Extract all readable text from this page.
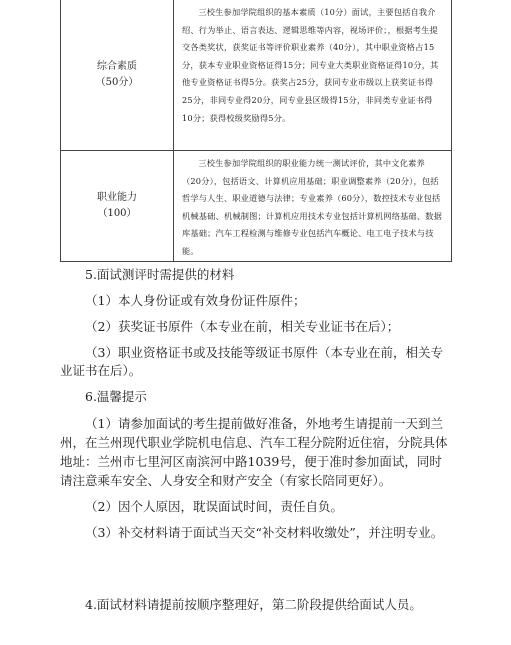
综合素质
（50分）
三校生参加学院组织的基本素质（10分）面试，主要包括自我介绍、行为举止、语言表达、逻辑思维等内容，视场评价；，根据考生提交各类奖状，获奖证书等评价职业素养（40分），其中职业资格占15分，获本专业职业资格证得15分；同专业大类职业资格证得10分，其他专业资格证书得5分。获奖占25分，获同专业市级以上获奖证书得25分，非同专业得20分，同专业县区级得15分，非同类专业证书得10分；获得校级奖励得5分。
职业能力
（100）
三校生参加学院组织的职业能力统一测试评价，其中文化素养（20分），包括语文、计算机应用基础；职业调整素养（20分），包括哲学与人生、职业道德与法律；专业素养（60分），数控技术专业包括机械基础、机械制图；计算机应用技术专业包括计算机网络基础、数据库基础；汽车工程检测与维修专业包括汽车概论、电工电子技术与技能。

5.面试测评时需提供的材料

（1）本人身份证或有效身份证件原件；

（2）获奖证书原件（本专业在前，相关专业证书在后）；

（3）职业资格证书或及技能等级证书原件（本专业在前，相关专业证书在后）。

6.温馨提示

（1）请参加面试的考生提前做好准备，外地考生请提前一天到兰州，在兰州现代职业学院机电信息、汽车工程分院附近住宿，分院具体地址：兰州市七里河区南滨河中路1039号，便于准时参加面试，同时请注意乘车安全、人身安全和财产安全（有家长陪同更好）。

（2）因个人原因，耽误面试时间，责任自负。

（3）补交材料请于面试当天交“补交材料收缴处”，并注明专业。

4.面试材料请提前按顺序整理好，第二阶段提供给面试人员。
